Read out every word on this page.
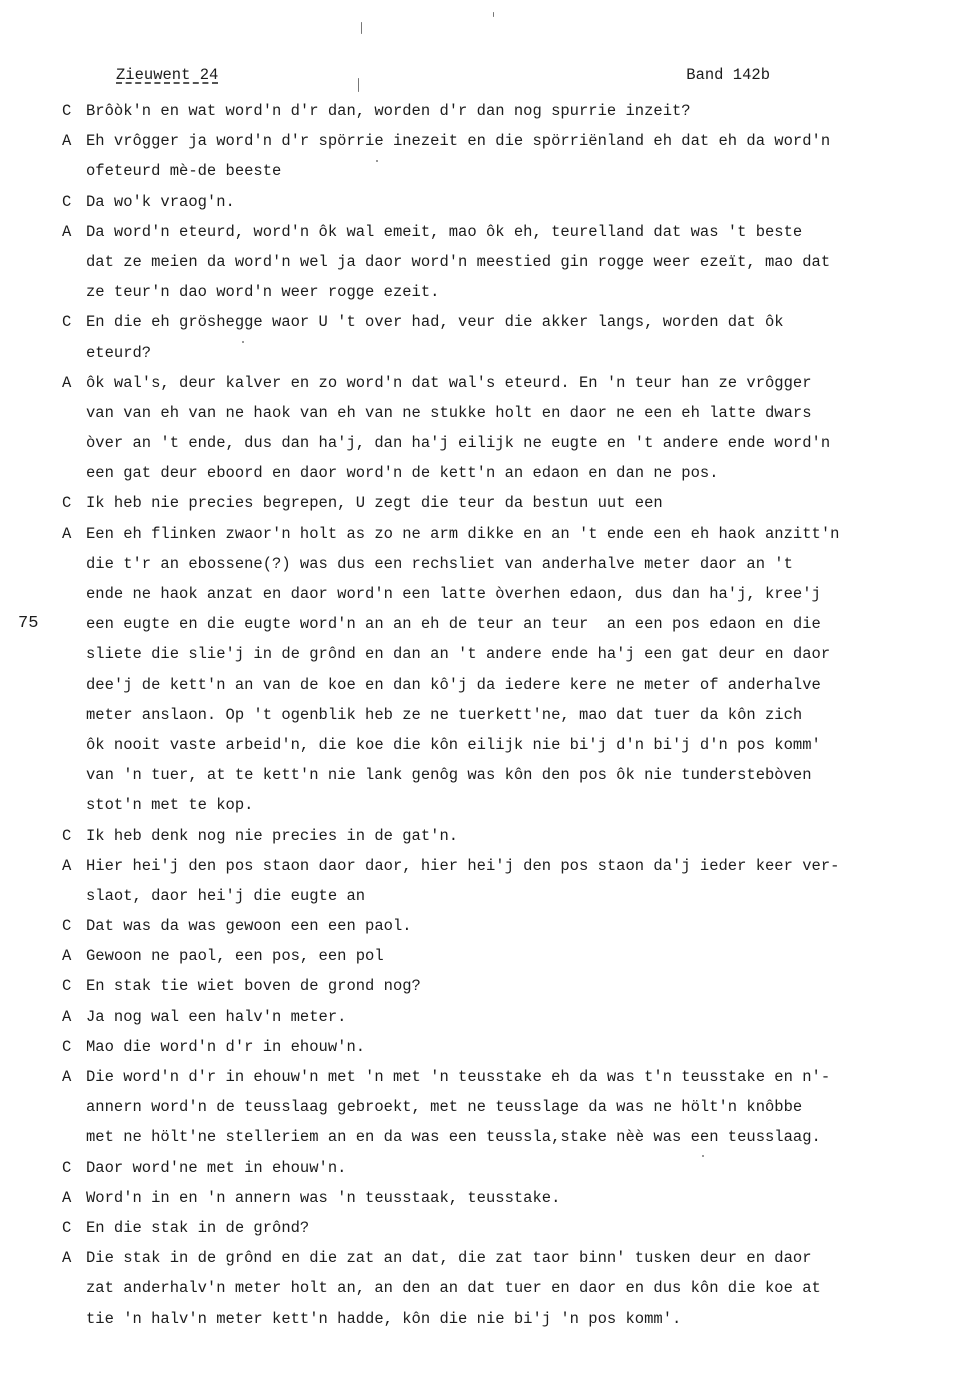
Zieuwent 24	Band 142b
C Brôòk'n en wat word'n d'r dan, worden d'r dan nog spurrie inzeit?
A Eh vrôgger ja word'n d'r spörrie inezeit en die spörriënland eh dat eh da word'n
ofeteurd mè-de beeste
C Da wo'k vraog'n.
A Da word'n eteurd, word'n ôk wal emeit, mao ôk eh, teurelland dat was 't beste
dat ze meien da word'n wel ja daor word'n meestied gin rogge weer ezeït, mao dat
ze teur'n dao word'n weer rogge ezeit.
C En die eh gröshegge waor U 't over had, veur die akker langs, worden dat ôk
eteurd?
A ôk wal's, deur kalver en zo word'n dat wal's eteurd. En 'n teur han ze vrôgger
van van eh van ne haok van eh van ne stukke holt en daor ne een eh latte dwars
òver an 't ende, dus dan ha'j, dan ha'j eilijk ne eugte en 't andere ende word'n
een gat deur eboord en daor word'n de kett'n an edaon en dan ne pos.
C Ik heb nie precies begrepen, U zegt die teur da bestun uut een
A Een eh flinken zwaor'n holt as zo ne arm dikke en an 't ende een eh haok anzitt'n
die t'r an ebossene(?) was dus een rechsliet van anderhalve meter daor an 't
ende ne haok anzat en daor word'n een latte òverhen edaon, dus dan ha'j, kree'j
75	een eugte en die eugte word'n an an eh de teur an teur  an een pos edaon en die
sliete die slie'j in de grônd en dan an 't andere ende ha'j een gat deur en daor
dee'j de kett'n an van de koe en dan kô'j da iedere kere ne meter of anderhalve
meter anslaon. Op 't ogenblik heb ze ne tuerkett'ne, mao dat tuer da kôn zich
ôk nooit vaste arbeid'n, die koe die kôn eilijk nie bi'j d'n bi'j d'n pos komm'
van 'n tuer, at te kett'n nie lank genôg was kôn den pos ôk nie tunderstebòven
stot'n met te kop.
C Ik heb denk nog nie precies in de gat'n.
A Hier hei'j den pos staon daor daor, hier hei'j den pos staon da'j ieder keer ver-
slaot, daor hei'j die eugte an
C Dat was da was gewoon een een paol.
A Gewoon ne paol, een pos, een pol
C En stak tie wiet boven de grond nog?
A Ja nog wal een halv'n meter.
C Mao die word'n d'r in ehouw'n.
A Die word'n d'r in ehouw'n met 'n met 'n teusstake eh da was t'n teusstake en n'-
annern word'n de teusslaag gebroekt, met ne teusslage da was ne hölt'n knôbbe
met ne hölt'ne stelleriem an en da was een teussla,stake nèè was een teusslaag.
C Daor word'ne met in ehouw'n.
A Word'n in en 'n annern was 'n teusstaak, teusstake.
C En die stak in de grônd?
A Die stak in de grônd en die zat an dat, die zat taor binn' tusken deur en daor
zat anderhalv'n meter holt an, an den an dat tuer en daor en dus kôn die koe at
tie 'n halv'n meter kett'n hadde, kôn die nie bi'j 'n pos komm'.
